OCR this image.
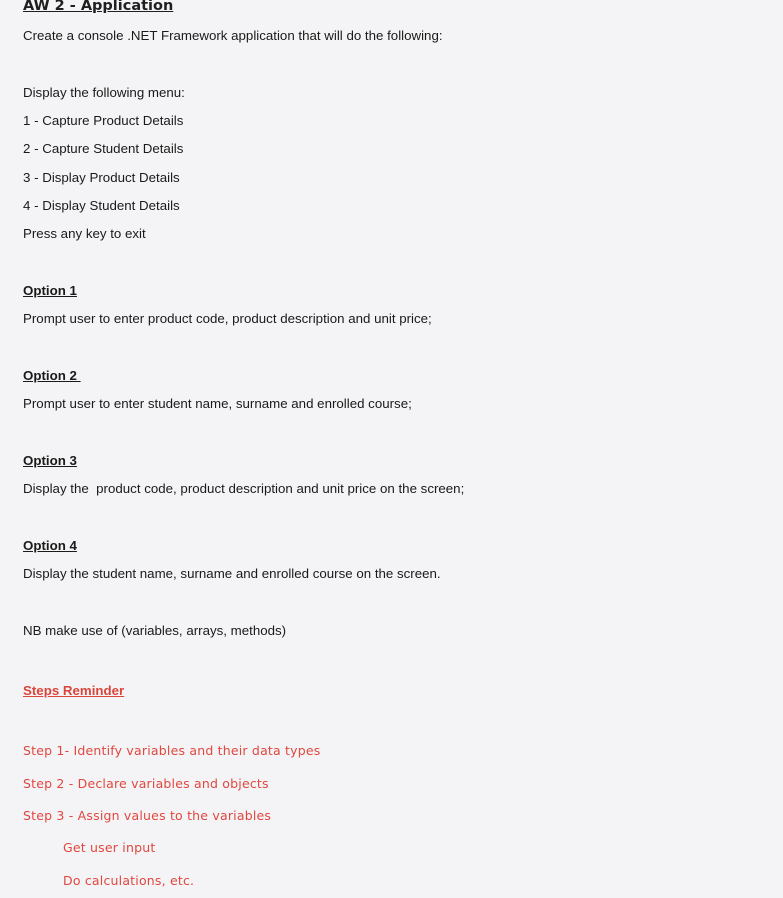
AW 2 - Application
Create a console .NET Framework application that will do the following:
Display the following menu:
1 - Capture Product Details
2 - Capture Student Details
3 - Display Product Details
4 - Display Student Details
Press any key to exit
Option 1
Prompt user to enter product code, product description and unit price;
Option 2
Prompt user to enter student name, surname and enrolled course;
Option 3
Display the  product code, product description and unit price on the screen;
Option 4
Display the student name, surname and enrolled course on the screen.
NB make use of (variables, arrays, methods)
Steps Reminder
Step 1- Identify variables and their data types
Step 2 - Declare variables and objects
Step 3 - Assign values to the variables
Get user input
Do calculations, etc.
